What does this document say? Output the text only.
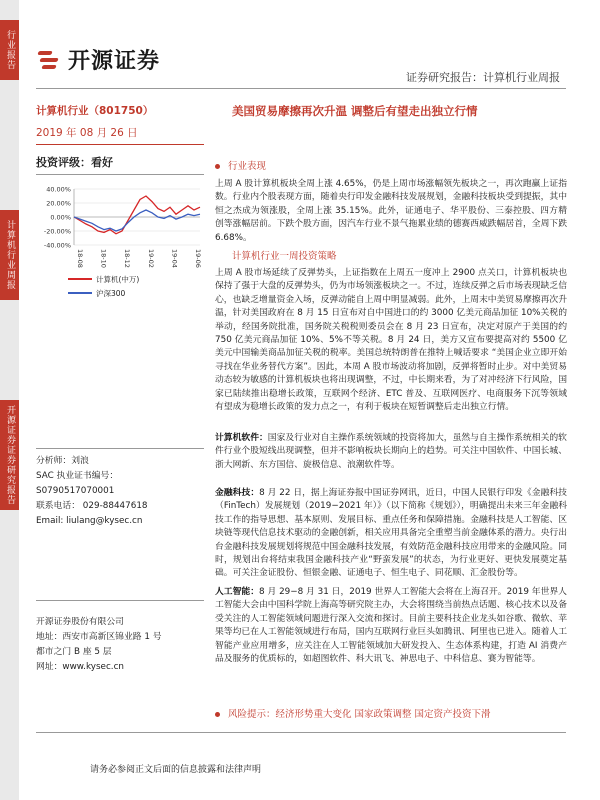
行业报告
计算机行业周报
开源证券证券研究报告
开源证券
证券研究报告：计算机行业周报
计算机行业（801750）	美国贸易摩擦再次升温 调整后有望走出独立行情
2019 年 08 月 26 日
投资评级：看好
40.00%
20.00%
0.00%
-20.00%
-40.00%
18-08 18-10 18-12 19-02 19-04 19-06
计算机(中万)
沪深300
行业表现
上周 A 股计算机板块全周上涨 4.65%，仍是上周市场涨幅领先板块之一，再次跑赢上证指数。行业内个股表现方面，随着央行印发金融科技发展规划，金融科技板块受到提振，其中恒之杰成为领涨股，全周上涨 35.15%。此外，证通电子、华平股份、三泰控股、四方精创等涨幅居前。下跌个股方面，因汽车行业不景气拖累业绩的德赛西威跌幅居首，全周下跌 6.68%。
计算机行业一周投资策略
上周 A 股市场延续了反弹势头，上证指数在上周五一度冲上 2900 点关口，计算机板块也保持了强于大盘的反弹势头，仍为市场领涨板块之一。不过，连续反弹之后市场表现缺乏信心，也缺乏增量资金入场，反弹动能自上周中明显减弱。此外，上周末中美贸易摩擦再次升温，针对美国政府在 8 月 15 日宣布对自中国进口的约 3000 亿美元商品加征 10%关税的举动，经国务院批准，国务院关税税则委员会在 8 月 23 日宣布，决定对原产于美国的约 750 亿美元商品加征 10%、5%不等关税。8 月 24 日，美方又宣布要提高对约 5500 亿美元中国输美商品加征关税的税率。美国总统特朗普在推特上喊话要求 “美国企业立即开始寻找在华业务替代方案”。因此，本周 A 股市场波动将加剧，反弹将暂时止步。对中美贸易动态较为敏感的计算机板块也将出现调整，不过，中长期来看，为了对冲经济下行风险，国家已陆续推出稳增长政策，互联网个经济、ETC 普及、互联网医疗、电商服务下沉等领域有望成为稳增长政策的发力点之一，有利于板块在短暂调整后走出独立行情。
计算机软件：国家及行业对自主操作系统领域的投资将加大，虽然与自主操作系统相关的软件行业个股短线出现调整，但并不影响板块长期向上的趋势。可关注中国软件、中国长城、浙大网新、东方国信、旋极信息、浪潮软件等。
金融科技：8 月 22 日，据上海证券报中国证券网讯，近日，中国人民银行印发《金融科技（FinTech）发展规划（2019−2021 年）》（以下简称《规划》），明确提出未来三年金融科技工作的指导思想、基本原则、发展目标、重点任务和保障措施。金融科技是人工智能、区块链等现代信息技术驱动的金融创新，相关应用具备完全重塑当前金融体系的潜力。央行出台金融科技发展规划将规范中国金融科技发展，有效防范金融科技应用带来的金融风险。同时，规划出台将结束我国金融科技产业“野蛮发展”的状态，为行业更好、更快发展奠定基础。可关注金证股份、恒银金融、证通电子、恒生电子、同花顺、汇金股份等。
人工智能：8 月 29−8 月 31 日，2019 世界人工智能大会将在上海召开。2019 年世界人工智能大会由中国科学院上海高等研究院主办，大会将围绕当前热点话题、核心技术以及备受关注的人工智能领域问题进行深入交流和探讨。目前主要科技企业龙头如谷歌、微软、苹果等均已在人工智能领域进行布局，国内互联网行业巨头如腾讯、阿里也已进入。随着人工智能产业应用增多，应关注在人工智能领域加大研发投入、生态体系构建，打造 AI 消费产品及服务的优质标的，如超图软件、科大讯飞、神思电子、中科信息、赛为智能等。
风险提示：经济形势重大变化 国家政策调整 国定资产投资下滑
分析师：刘浪
SAC 执业证书编号：
S0790517070001
联系电话： 029-88447618
Email: liulang@kysec.cn
开源证券股份有限公司
地址：西安市高新区锦业路 1 号
都市之门 B 座 5 层
网址：www.kysec.cn
请务必参阅正文后面的信息披露和法律声明
